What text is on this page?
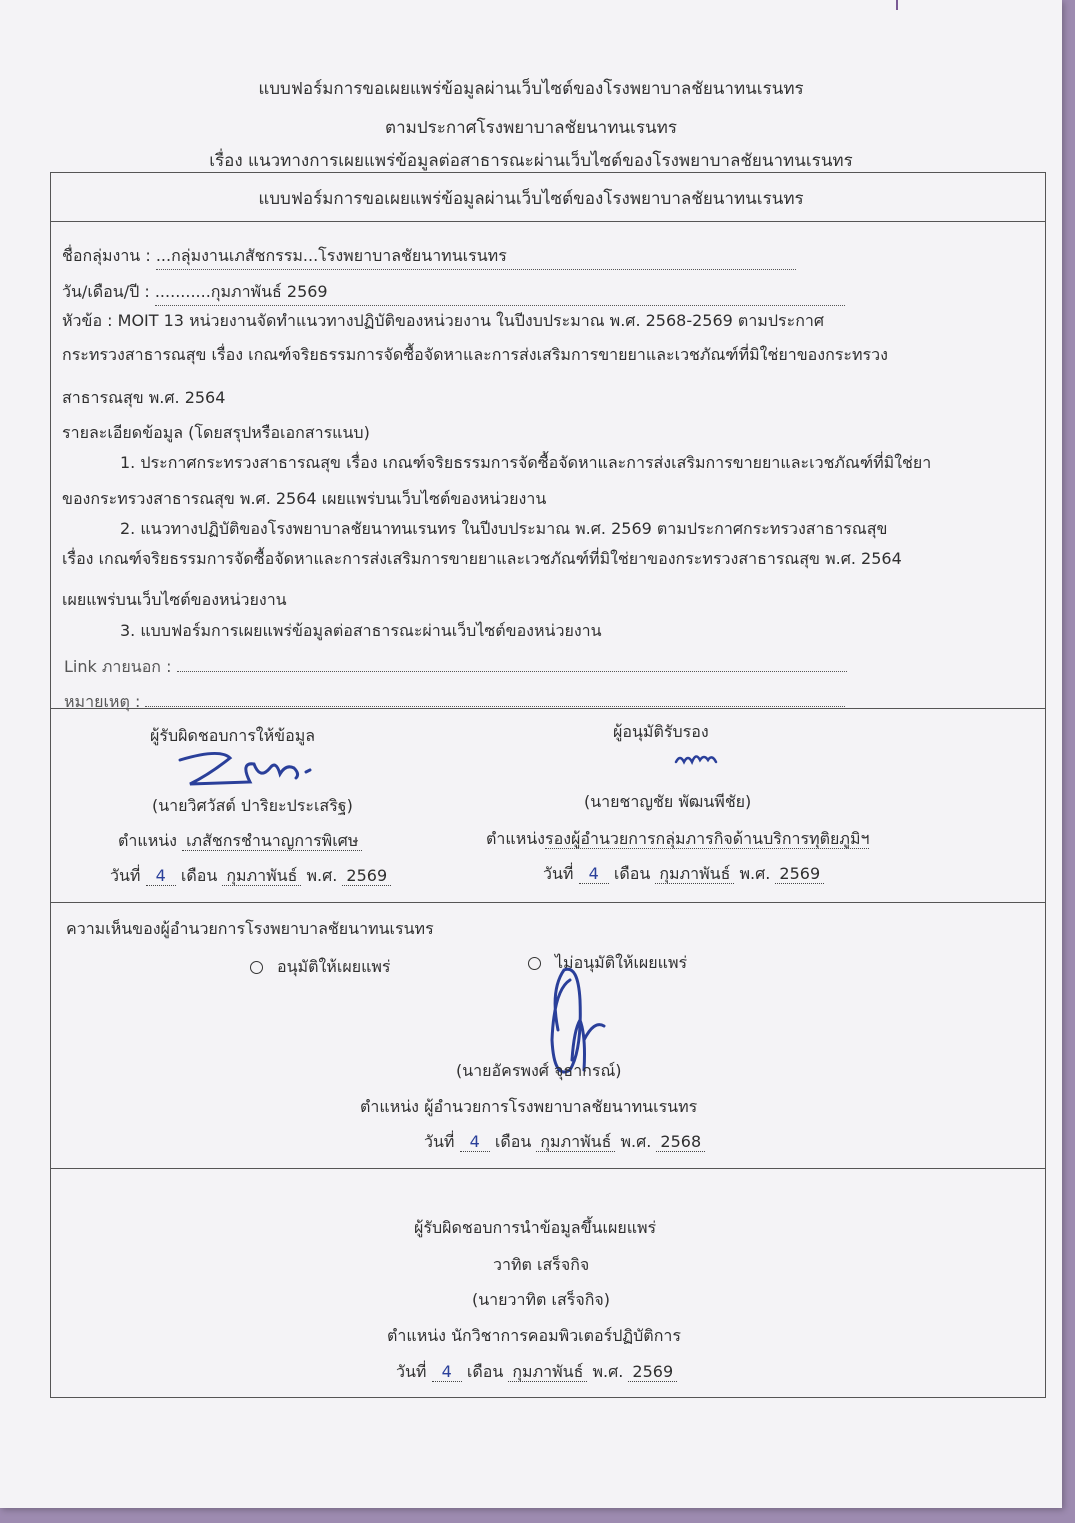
แบบฟอร์มการขอเผยแพร่ข้อมูลผ่านเว็บไซต์ของโรงพยาบาลชัยนาทนเรนทร
ตามประกาศโรงพยาบาลชัยนาทนเรนทร
เรื่อง แนวทางการเผยแพร่ข้อมูลต่อสาธารณะผ่านเว็บไซต์ของโรงพยาบาลชัยนาทนเรนทร
แบบฟอร์มการขอเผยแพร่ข้อมูลผ่านเว็บไซต์ของโรงพยาบาลชัยนาทนเรนทร
ชื่อกลุ่มงาน : ...กลุ่มงานเภสัชกรรม...โรงพยาบาลชัยนาทนเรนทร
วัน/เดือน/ปี : ...........กุมภาพันธ์ 2569
หัวข้อ : MOIT 13 หน่วยงานจัดทำแนวทางปฏิบัติของหน่วยงาน ในปีงบประมาณ พ.ศ. 2568-2569 ตามประกาศ
กระทรวงสาธารณสุข เรื่อง เกณฑ์จริยธรรมการจัดซื้อจัดหาและการส่งเสริมการขายยาและเวชภัณฑ์ที่มิใช่ยาของกระทรวง
สาธารณสุข พ.ศ. 2564
รายละเอียดข้อมูล (โดยสรุปหรือเอกสารแนบ)
1. ประกาศกระทรวงสาธารณสุข เรื่อง เกณฑ์จริยธรรมการจัดซื้อจัดหาและการส่งเสริมการขายยาและเวชภัณฑ์ที่มิใช่ยา
ของกระทรวงสาธารณสุข พ.ศ. 2564 เผยแพร่บนเว็บไซต์ของหน่วยงาน
2. แนวทางปฏิบัติของโรงพยาบาลชัยนาทนเรนทร ในปีงบประมาณ พ.ศ. 2569 ตามประกาศกระทรวงสาธารณสุข
เรื่อง เกณฑ์จริยธรรมการจัดซื้อจัดหาและการส่งเสริมการขายยาและเวชภัณฑ์ที่มิใช่ยาของกระทรวงสาธารณสุข พ.ศ. 2564
เผยแพร่บนเว็บไซต์ของหน่วยงาน
3. แบบฟอร์มการเผยแพร่ข้อมูลต่อสาธารณะผ่านเว็บไซต์ของหน่วยงาน
Link ภายนอก :
หมายเหตุ :
ผู้รับผิดชอบการให้ข้อมูล
(นายวิศวัสต์ ปาริยะประเสริฐ)
ตำแหน่ง เภสัชกรชำนาญการพิเศษ
วันที่ 4 เดือน กุมภาพันธ์ พ.ศ. 2569
ผู้อนุมัติรับรอง
(นายชาญชัย พัฒนพีชัย)
ตำแหน่งรองผู้อำนวยการกลุ่มภารกิจด้านบริการทุติยภูมิฯ
วันที่ 4 เดือน กุมภาพันธ์ พ.ศ. 2569
ความเห็นของผู้อำนวยการโรงพยาบาลชัยนาทนเรนทร
อนุมัติให้เผยแพร่	ไม่อนุมัติให้เผยแพร่
(นายอัครพงศ์ จุธากรณ์)
ตำแหน่ง ผู้อำนวยการโรงพยาบาลชัยนาทนเรนทร
วันที่ 4 เดือน กุมภาพันธ์ พ.ศ. 2568
ผู้รับผิดชอบการนำข้อมูลขึ้นเผยแพร่
วาทิต เสร็จกิจ
(นายวาทิต เสร็จกิจ)
ตำแหน่ง นักวิชาการคอมพิวเตอร์ปฏิบัติการ
วันที่ 4 เดือน กุมภาพันธ์ พ.ศ. 2569
